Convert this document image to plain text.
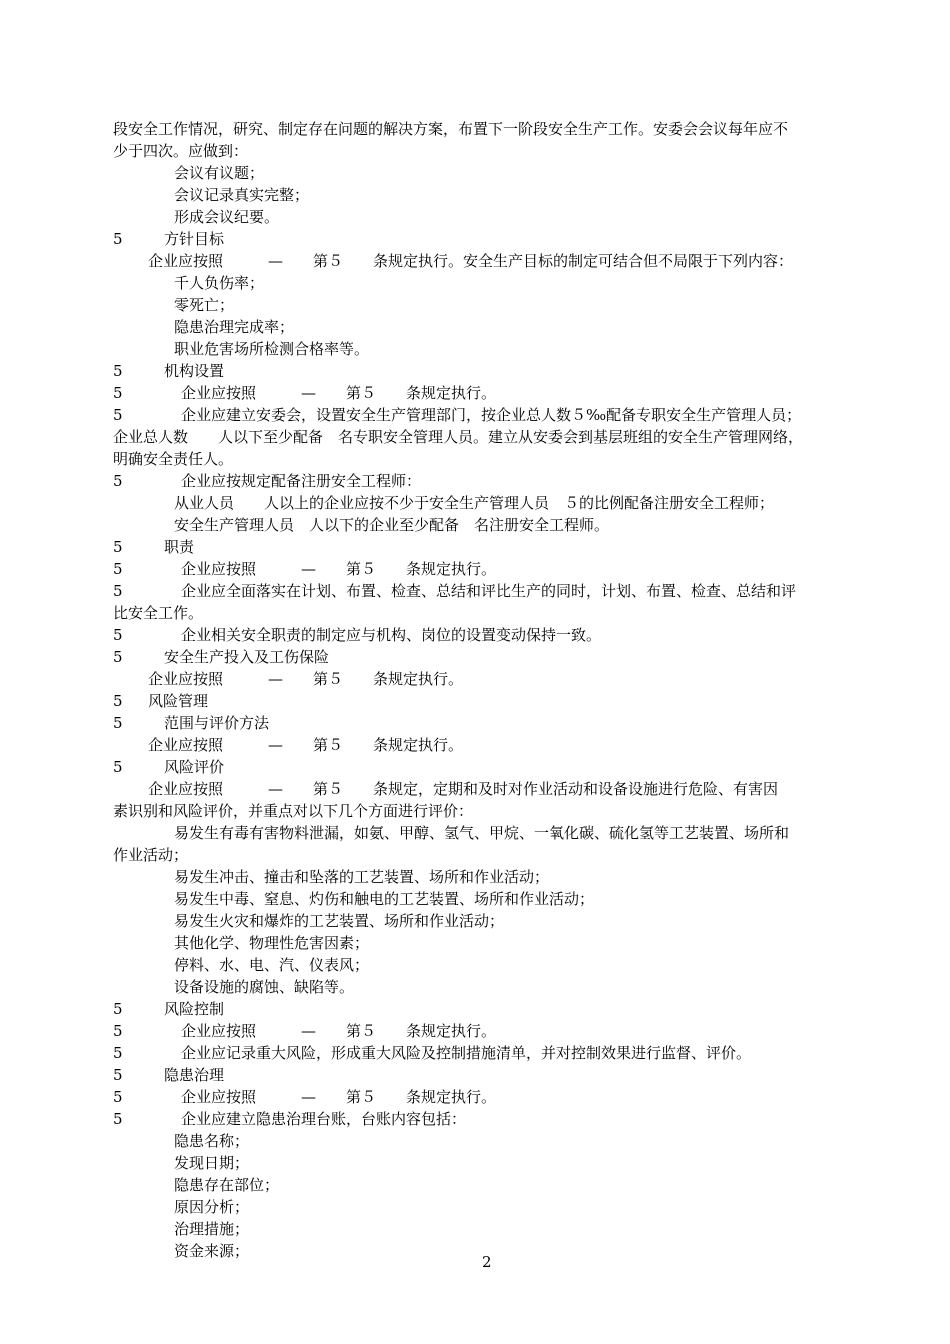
段安全工作情况，研究、制定存在问题的解决方案，布置下一阶段安全生产工作。安委会会议每年应不
少于四次。应做到：
会议有议题；
会议记录真实完整；
形成会议纪要。
5	方针目标
企业应按照　　　—　　第５　　条规定执行。安全生产目标的制定可结合但不局限于下列内容：
千人负伤率；
零死亡；
隐患治理完成率；
职业危害场所检测合格率等。
5	机构设置
5	企业应按照　　　—　　第５　　条规定执行。
5	企业应建立安委会，设置安全生产管理部门，按企业总人数５‰配备专职安全生产管理人员；
企业总人数　　人以下至少配备　名专职安全管理人员。建立从安委会到基层班组的安全生产管理网络，
明确安全责任人。
5	企业应按规定配备注册安全工程师：
从业人员　　人以上的企业应按不少于安全生产管理人员　５的比例配备注册安全工程师；
安全生产管理人员　人以下的企业至少配备　名注册安全工程师。
5	职责
5	企业应按照　　　—　　第５　　条规定执行。
5	企业应全面落实在计划、布置、检查、总结和评比生产的同时，计划、布置、检查、总结和评
比安全工作。
5	企业相关安全职责的制定应与机构、岗位的设置变动保持一致。
5	安全生产投入及工伤保险
企业应按照　　　—　　第５　　条规定执行。
5 风险管理
5	范围与评价方法
企业应按照　　　—　　第５　　条规定执行。
5	风险评价
企业应按照　　　—　　第５　　条规定，定期和及时对作业活动和设备设施进行危险、有害因
素识别和风险评价，并重点对以下几个方面进行评价：
易发生有毒有害物料泄漏，如氨、甲醇、氢气、甲烷、一氧化碳、硫化氢等工艺装置、场所和
作业活动；
易发生冲击、撞击和坠落的工艺装置、场所和作业活动；
易发生中毒、窒息、灼伤和触电的工艺装置、场所和作业活动；
易发生火灾和爆炸的工艺装置、场所和作业活动；
其他化学、物理性危害因素；
停料、水、电、汽、仪表风；
设备设施的腐蚀、缺陷等。
5	风险控制
5	企业应按照　　　—　　第５　　条规定执行。
5	企业应记录重大风险，形成重大风险及控制措施清单，并对控制效果进行监督、评价。
5	隐患治理
5	企业应按照　　　—　　第５　　条规定执行。
5	企业应建立隐患治理台账，台账内容包括：
隐患名称；
发现日期；
隐患存在部位；
原因分析；
治理措施；
资金来源；
2
